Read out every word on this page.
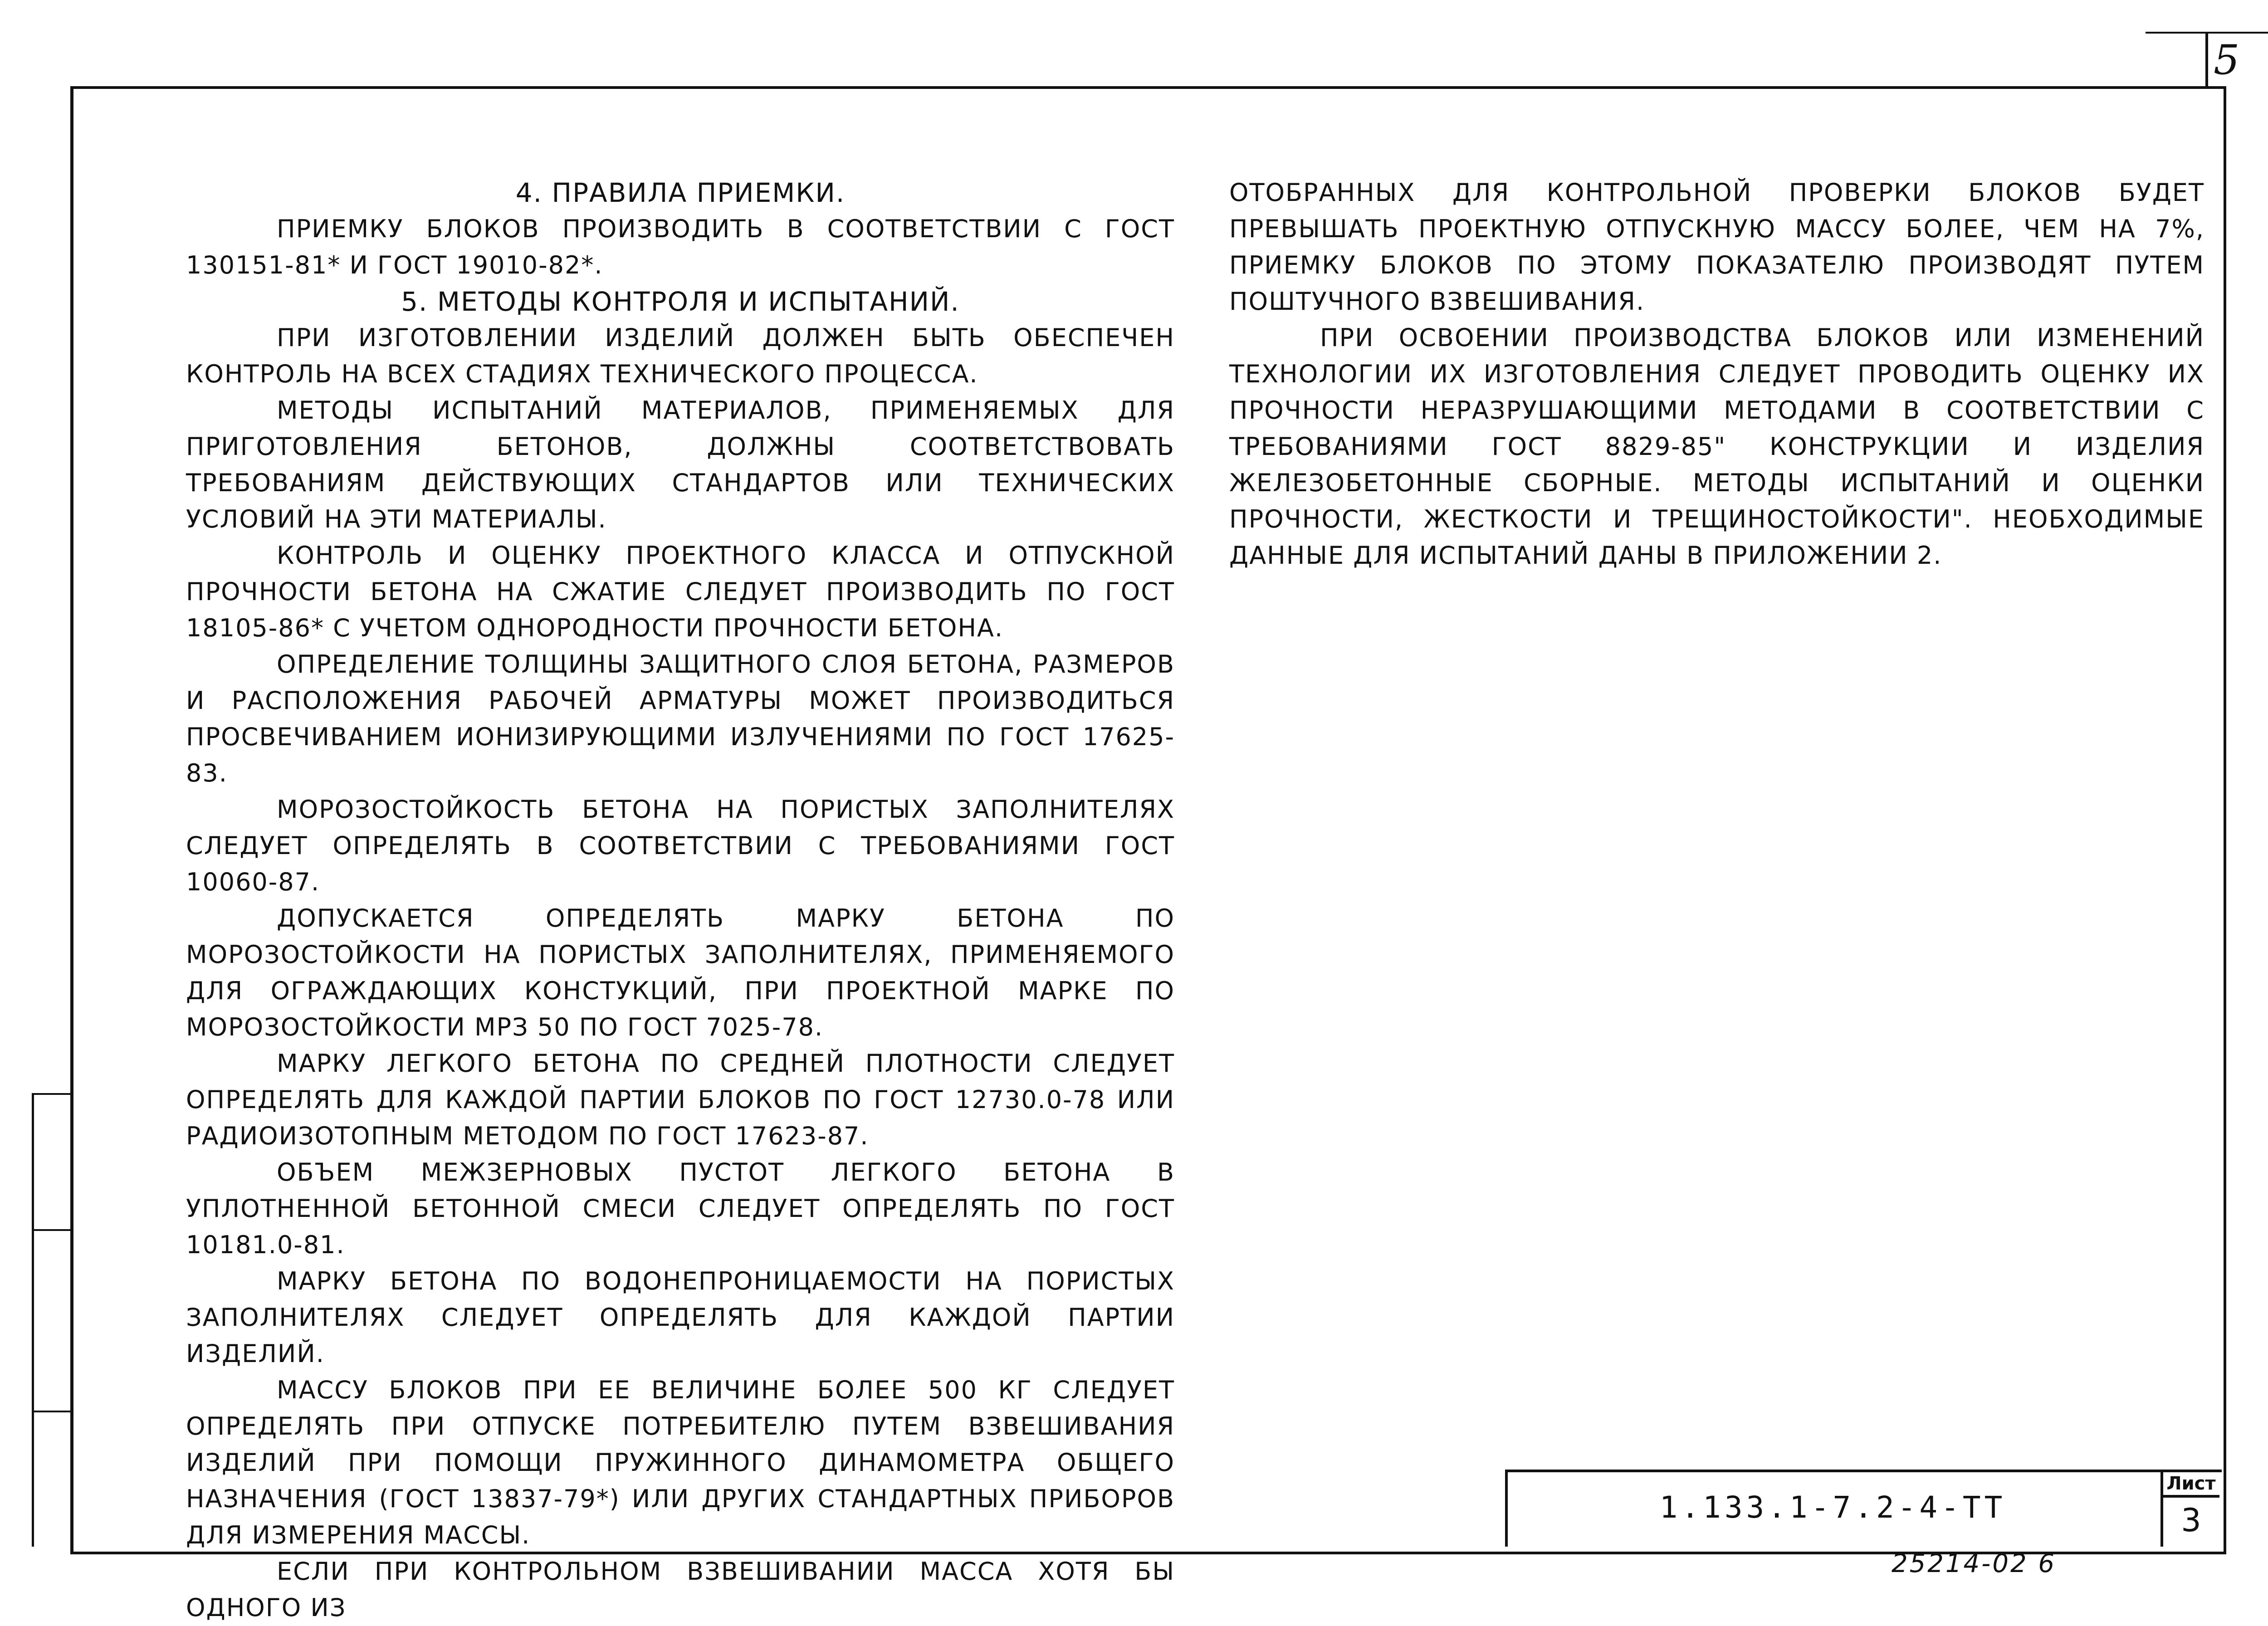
5
4. ПРАВИЛА ПРИЕМКИ.

ПРИЕМКУ БЛОКОВ ПРОИЗВОДИТЬ В СООТВЕТСТВИИ С ГОСТ 130151-81* И ГОСТ 19010-82*.

5. МЕТОДЫ КОНТРОЛЯ И ИСПЫТАНИЙ.

ПРИ ИЗГОТОВЛЕНИИ ИЗДЕЛИЙ ДОЛЖЕН БЫТЬ ОБЕСПЕЧЕН КОНТРОЛЬ НА ВСЕХ СТАДИЯХ ТЕХНИЧЕСКОГО ПРОЦЕССА.

МЕТОДЫ ИСПЫТАНИЙ МАТЕРИАЛОВ, ПРИМЕНЯЕМЫХ ДЛЯ ПРИГОТОВЛЕНИЯ БЕТОНОВ, ДОЛЖНЫ СООТВЕТСТВОВАТЬ ТРЕБОВАНИЯМ ДЕЙСТВУЮЩИХ СТАНДАРТОВ ИЛИ ТЕХНИЧЕСКИХ УСЛОВИЙ НА ЭТИ МАТЕРИАЛЫ.

КОНТРОЛЬ И ОЦЕНКУ ПРОЕКТНОГО КЛАССА И ОТПУСКНОЙ ПРОЧНОСТИ БЕТОНА НА СЖАТИЕ СЛЕДУЕТ ПРОИЗВОДИТЬ ПО ГОСТ 18105-86* С УЧЕТОМ ОДНОРОДНОСТИ ПРОЧНОСТИ БЕТОНА.

ОПРЕДЕЛЕНИЕ ТОЛЩИНЫ ЗАЩИТНОГО СЛОЯ БЕТОНА, РАЗМЕРОВ И РАСПОЛОЖЕНИЯ РАБОЧЕЙ АРМАТУРЫ МОЖЕТ ПРОИЗВОДИТЬСЯ ПРОСВЕЧИВАНИЕМ ИОНИЗИРУЮЩИМИ ИЗЛУЧЕНИЯМИ ПО ГОСТ 17625-83.

МОРОЗОСТОЙКОСТЬ БЕТОНА НА ПОРИСТЫХ ЗАПОЛНИТЕЛЯХ СЛЕДУЕТ ОПРЕДЕЛЯТЬ В СООТВЕТСТВИИ С ТРЕБОВАНИЯМИ ГОСТ 10060-87.

ДОПУСКАЕТСЯ ОПРЕДЕЛЯТЬ МАРКУ БЕТОНА ПО МОРОЗОСТОЙКОСТИ НА ПОРИСТЫХ ЗАПОЛНИТЕЛЯХ, ПРИМЕНЯЕМОГО ДЛЯ ОГРАЖДАЮЩИХ КОНСТУКЦИЙ, ПРИ ПРОЕКТНОЙ МАРКЕ ПО МОРОЗОСТОЙКОСТИ МРЗ 50 ПО ГОСТ 7025-78.

МАРКУ ЛЕГКОГО БЕТОНА ПО СРЕДНЕЙ ПЛОТНОСТИ СЛЕДУЕТ ОПРЕДЕЛЯТЬ ДЛЯ КАЖДОЙ ПАРТИИ БЛОКОВ ПО ГОСТ 12730.0-78 ИЛИ РАДИОИЗОТОПНЫМ МЕТОДОМ ПО ГОСТ 17623-87.

ОБЪЕМ МЕЖЗЕРНОВЫХ ПУСТОТ ЛЕГКОГО БЕТОНА В УПЛОТНЕННОЙ БЕТОННОЙ СМЕСИ СЛЕДУЕТ ОПРЕДЕЛЯТЬ ПО ГОСТ 10181.0-81.

МАРКУ БЕТОНА ПО ВОДОНЕПРОНИЦАЕМОСТИ НА ПОРИСТЫХ ЗАПОЛНИТЕЛЯХ СЛЕДУЕТ ОПРЕДЕЛЯТЬ ДЛЯ КАЖДОЙ ПАРТИИ ИЗДЕЛИЙ.

МАССУ БЛОКОВ ПРИ ЕЕ ВЕЛИЧИНЕ БОЛЕЕ 500 КГ СЛЕДУЕТ ОПРЕДЕЛЯТЬ ПРИ ОТПУСКЕ ПОТРЕБИТЕЛЮ ПУТЕМ ВЗВЕШИВАНИЯ ИЗДЕЛИЙ ПРИ ПОМОЩИ ПРУЖИННОГО ДИНАМОМЕТРА ОБЩЕГО НАЗНАЧЕНИЯ (ГОСТ 13837-79*) ИЛИ ДРУГИХ СТАНДАРТНЫХ ПРИБОРОВ ДЛЯ ИЗМЕРЕНИЯ МАССЫ.

ЕСЛИ ПРИ КОНТРОЛЬНОМ ВЗВЕШИВАНИИ МАССА ХОТЯ БЫ ОДНОГО ИЗ

ОТОБРАННЫХ ДЛЯ КОНТРОЛЬНОЙ ПРОВЕРКИ БЛОКОВ БУДЕТ ПРЕВЫШАТЬ ПРОЕКТНУЮ ОТПУСКНУЮ МАССУ БОЛЕЕ, ЧЕМ НА 7%, ПРИЕМКУ БЛОКОВ ПО ЭТОМУ ПОКАЗАТЕЛЮ ПРОИЗВОДЯТ ПУТЕМ ПОШТУЧНОГО ВЗВЕШИВАНИЯ.

ПРИ ОСВОЕНИИ ПРОИЗВОДСТВА БЛОКОВ ИЛИ ИЗМЕНЕНИЙ ТЕХНОЛОГИИ ИХ ИЗГОТОВЛЕНИЯ СЛЕДУЕТ ПРОВОДИТЬ ОЦЕНКУ ИХ ПРОЧНОСТИ НЕРАЗРУШАЮЩИМИ МЕТОДАМИ В СООТВЕТСТВИИ С ТРЕБОВАНИЯМИ ГОСТ 8829-85" КОНСТРУКЦИИ И ИЗДЕЛИЯ ЖЕЛЕЗОБЕТОННЫЕ СБОРНЫЕ. МЕТОДЫ ИСПЫТАНИЙ И ОЦЕНКИ ПРОЧНОСТИ, ЖЕСТКОСТИ И ТРЕЩИНОСТОЙКОСТИ". НЕОБХОДИМЫЕ ДАННЫЕ ДЛЯ ИСПЫТАНИЙ ДАНЫ В ПРИЛОЖЕНИИ 2.

1.133.1-7.2-4-ТТ
Лист
3
25214-02 6
